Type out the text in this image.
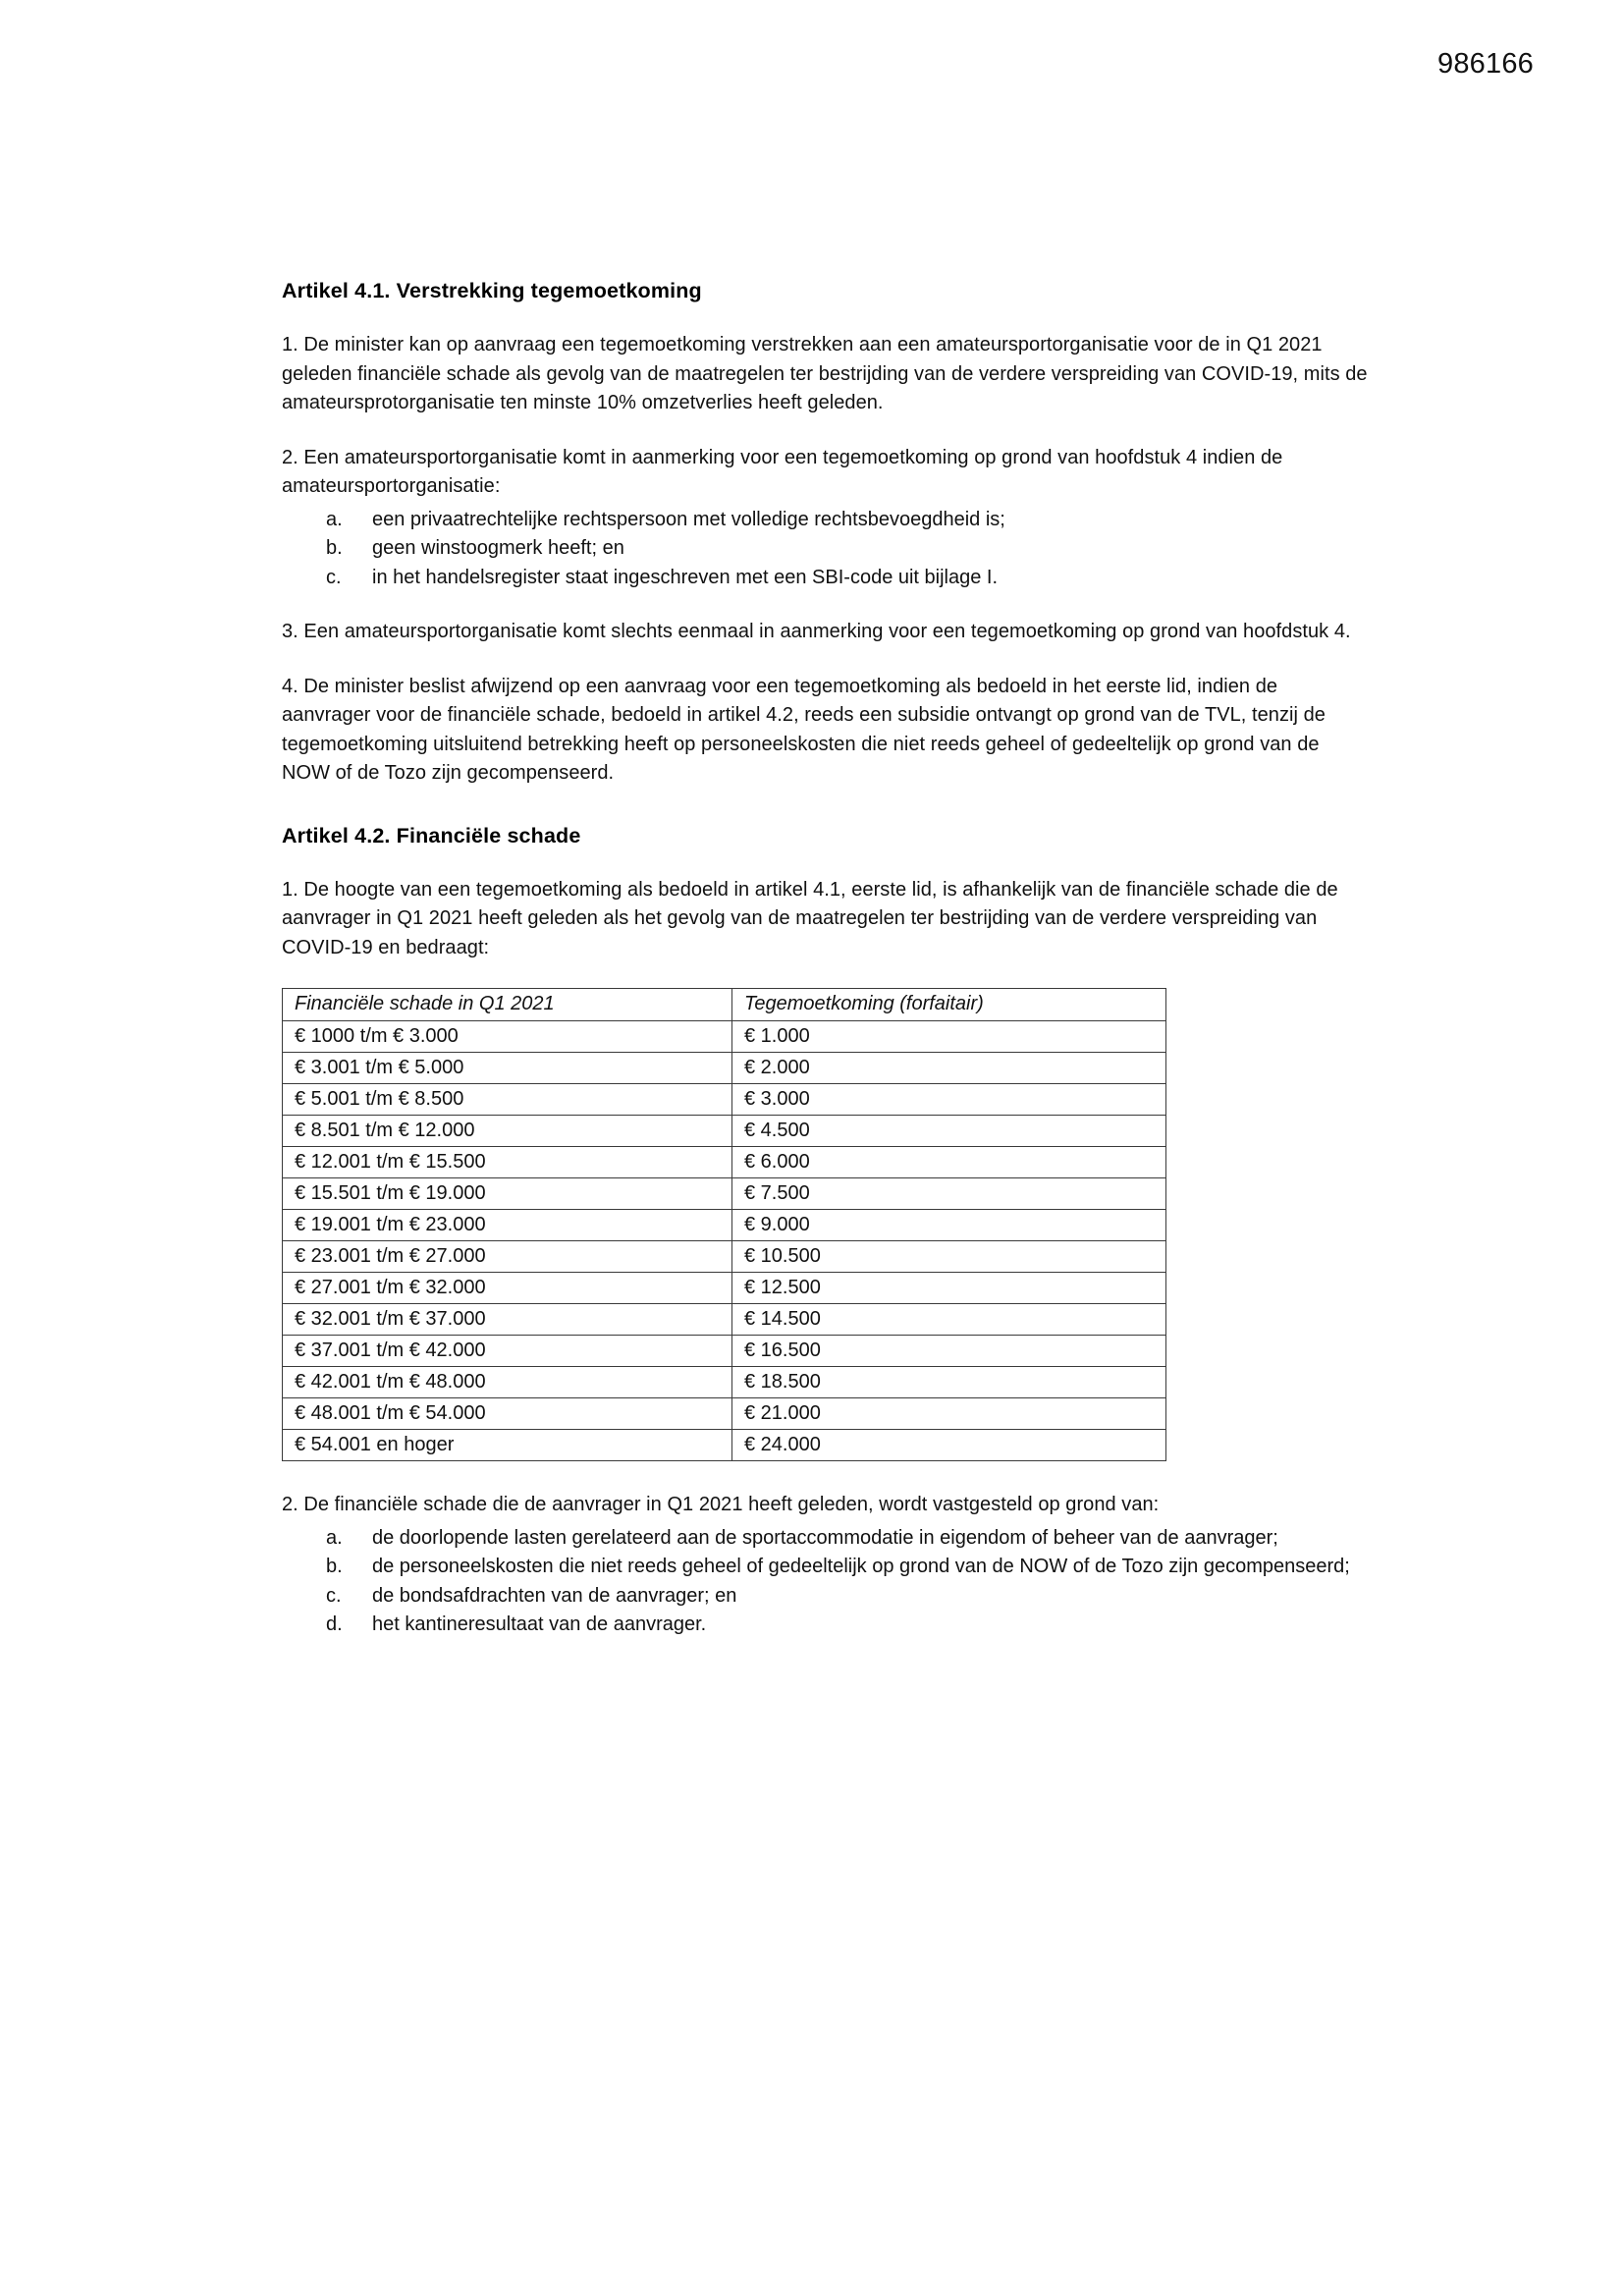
986166
Artikel 4.1. Verstrekking tegemoetkoming

1. De minister kan op aanvraag een tegemoetkoming verstrekken aan een amateursportorganisatie voor de in Q1 2021 geleden financiële schade als gevolg van de maatregelen ter bestrijding van de verdere verspreiding van COVID-19, mits de amateursprotorganisatie ten minste 10% omzetverlies heeft geleden.

2. Een amateursportorganisatie komt in aanmerking voor een tegemoetkoming op grond van hoofdstuk 4 indien de amateursportorganisatie:

a.	een privaatrechtelijke rechtspersoon met volledige rechtsbevoegdheid is;
b.	geen winstoogmerk heeft; en
c.	in het handelsregister staat ingeschreven met een SBI-code uit bijlage I.

3. Een amateursportorganisatie komt slechts eenmaal in aanmerking voor een tegemoetkoming op grond van hoofdstuk 4.

4. De minister beslist afwijzend op een aanvraag voor een tegemoetkoming als bedoeld in het eerste lid, indien de aanvrager voor de financiële schade, bedoeld in artikel 4.2, reeds een subsidie ontvangt op grond van de TVL, tenzij de tegemoetkoming uitsluitend betrekking heeft op personeelskosten die niet reeds geheel of gedeeltelijk op grond van de NOW of de Tozo zijn gecompenseerd.

Artikel 4.2. Financiële schade

1. De hoogte van een tegemoetkoming als bedoeld in artikel 4.1, eerste lid, is afhankelijk van de financiële schade die de aanvrager in Q1 2021 heeft geleden als het gevolg van de maatregelen ter bestrijding van de verdere verspreiding van COVID-19 en bedraagt:

Financiële schade in Q1 2021	Tegemoetkoming (forfaitair)
€ 1000 t/m € 3.000	€ 1.000
€ 3.001 t/m € 5.000	€ 2.000
€ 5.001 t/m € 8.500	€ 3.000
€ 8.501 t/m € 12.000	€ 4.500
€ 12.001 t/m € 15.500	€ 6.000
€ 15.501 t/m € 19.000	€ 7.500
€ 19.001 t/m € 23.000	€ 9.000
€ 23.001 t/m € 27.000	€ 10.500
€ 27.001 t/m € 32.000	€ 12.500
€ 32.001 t/m € 37.000	€ 14.500
€ 37.001 t/m € 42.000	€ 16.500
€ 42.001 t/m € 48.000	€ 18.500
€ 48.001 t/m € 54.000	€ 21.000
€ 54.001 en hoger	€ 24.000

2. De financiële schade die de aanvrager in Q1 2021 heeft geleden, wordt vastgesteld op grond van:

a.	de doorlopende lasten gerelateerd aan de sportaccommodatie in eigendom of beheer van de aanvrager;
b.	de personeelskosten die niet reeds geheel of gedeeltelijk op grond van de NOW of de Tozo zijn gecompenseerd;
c.	de bondsafdrachten van de aanvrager; en
d.	het kantineresultaat van de aanvrager.
